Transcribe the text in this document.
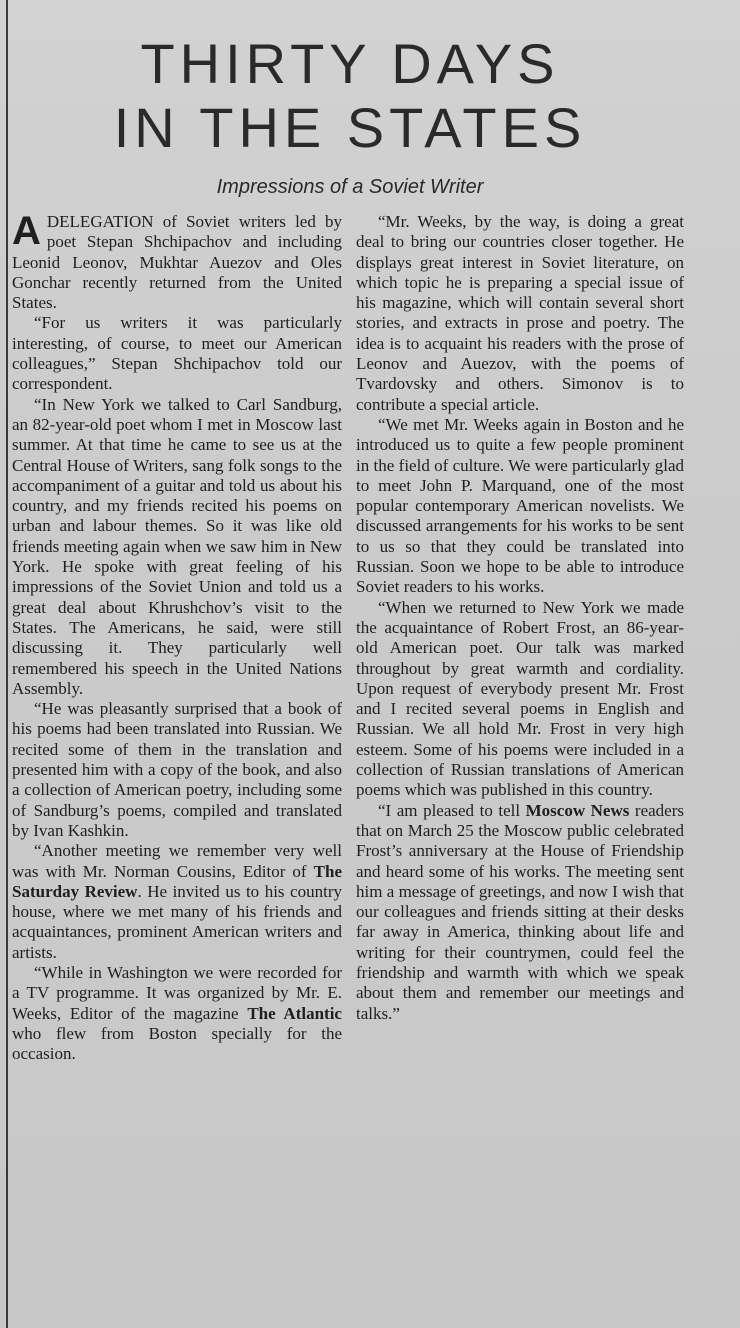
THIRTY DAYS
IN THE STATES

Impressions of a Soviet Writer

A DELEGATION of Soviet writers led by poet Stepan Shchipachov and including Leonid Leonov, Mukhtar Auezov and Oles Gonchar recently returned from the United States.

“For us writers it was particularly interesting, of course, to meet our American colleagues,” Stepan Shchipachov told our correspondent.

“In New York we talked to Carl Sandburg, an 82-year-old poet whom I met in Moscow last summer. At that time he came to see us at the Central House of Writers, sang folk songs to the accompaniment of a guitar and told us about his country, and my friends recited his poems on urban and labour themes. So it was like old friends meeting again when we saw him in New York. He spoke with great feeling of his impressions of the Soviet Union and told us a great deal about Khrushchov’s visit to the States. The Americans, he said, were still discussing it. They particularly well remembered his speech in the United Nations Assembly.

“He was pleasantly surprised that a book of his poems had been translated into Russian. We recited some of them in the translation and presented him with a copy of the book, and also a collection of American poetry, including some of Sandburg’s poems, compiled and translated by Ivan Kashkin.

“Another meeting we remember very well was with Mr. Norman Cousins, Editor of The Saturday Review. He invited us to his country house, where we met many of his friends and acquaintances, prominent American writers and artists.

“While in Washington we were recorded for a TV programme. It was organized by Mr. E. Weeks, Editor of the magazine The Atlantic who flew from Boston specially for the occasion.

“Mr. Weeks, by the way, is doing a great deal to bring our countries closer together. He displays great interest in Soviet literature, on which topic he is preparing a special issue of his magazine, which will contain several short stories, and extracts in prose and poetry. The idea is to acquaint his readers with the prose of Leonov and Auezov, with the poems of Tvardovsky and others. Simonov is to contribute a special article.

“We met Mr. Weeks again in Boston and he introduced us to quite a few people prominent in the field of culture. We were particularly glad to meet John P. Marquand, one of the most popular contemporary American novelists. We discussed arrangements for his works to be sent to us so that they could be translated into Russian. Soon we hope to be able to introduce Soviet readers to his works.

“When we returned to New York we made the acquaintance of Robert Frost, an 86-year-old American poet. Our talk was marked throughout by great warmth and cordiality. Upon request of everybody present Mr. Frost and I recited several poems in English and Russian. We all hold Mr. Frost in very high esteem. Some of his poems were included in a collection of Russian translations of American poems which was published in this country.

“I am pleased to tell Moscow News readers that on March 25 the Moscow public celebrated Frost’s anniversary at the House of Friendship and heard some of his works. The meeting sent him a message of greetings, and now I wish that our colleagues and friends sitting at their desks far away in America, thinking about life and writing for their countrymen, could feel the friendship and warmth with which we speak about them and remember our meetings and talks.”
